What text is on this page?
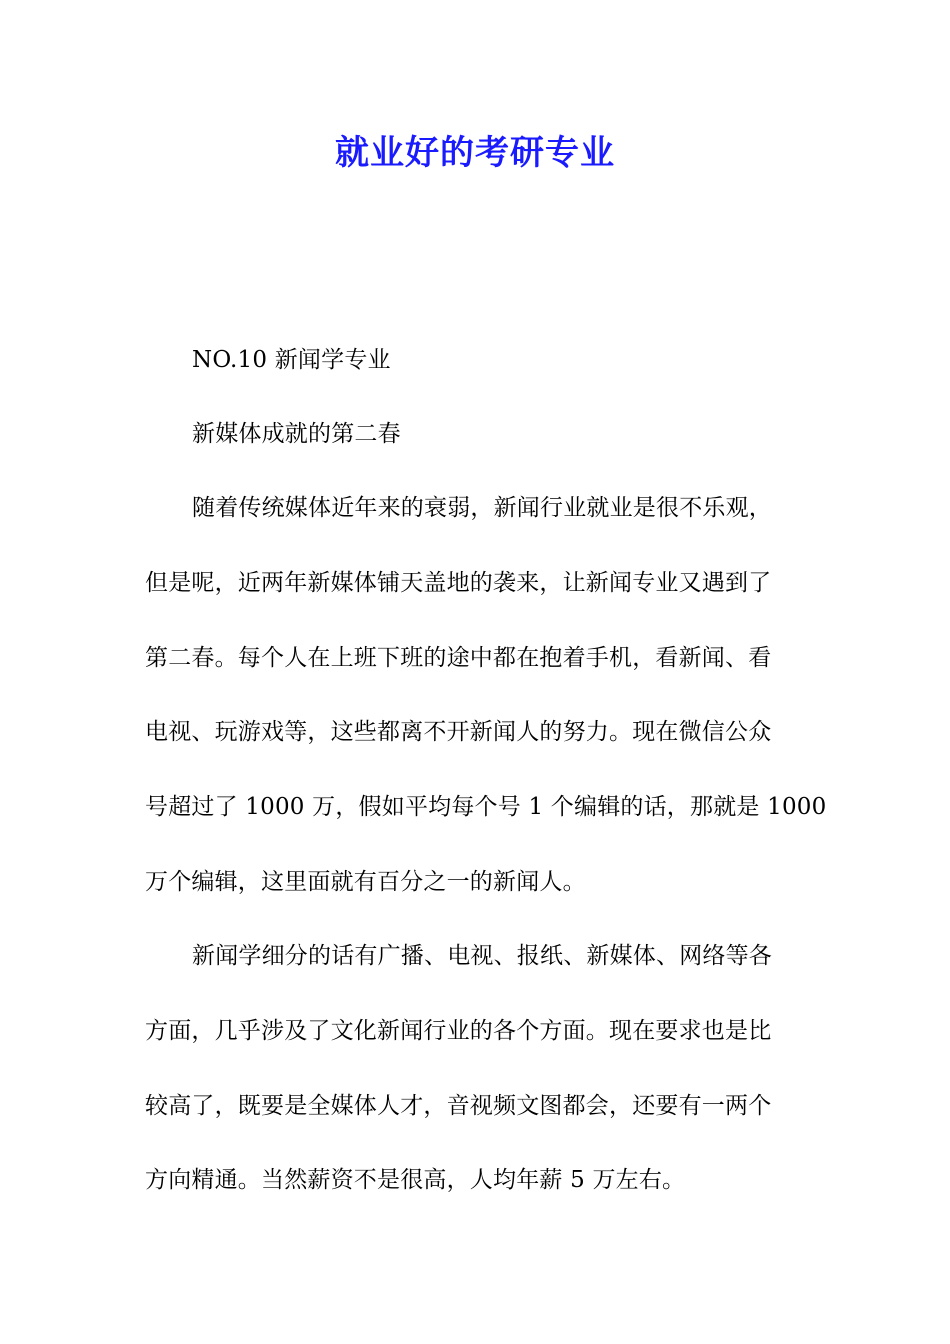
就业好的考研专业
NO.10 新闻学专业
新媒体成就的第二春
随着传统媒体近年来的衰弱，新闻行业就业是很不乐观，
但是呢，近两年新媒体铺天盖地的袭来，让新闻专业又遇到了
第二春。每个人在上班下班的途中都在抱着手机，看新闻、看
电视、玩游戏等，这些都离不开新闻人的努力。现在微信公众
号超过了 1000 万，假如平均每个号 1 个编辑的话，那就是 1000
万个编辑，这里面就有百分之一的新闻人。
新闻学细分的话有广播、电视、报纸、新媒体、网络等各
方面，几乎涉及了文化新闻行业的各个方面。现在要求也是比
较高了，既要是全媒体人才，音视频文图都会，还要有一两个
方向精通。当然薪资不是很高，人均年薪 5 万左右。
